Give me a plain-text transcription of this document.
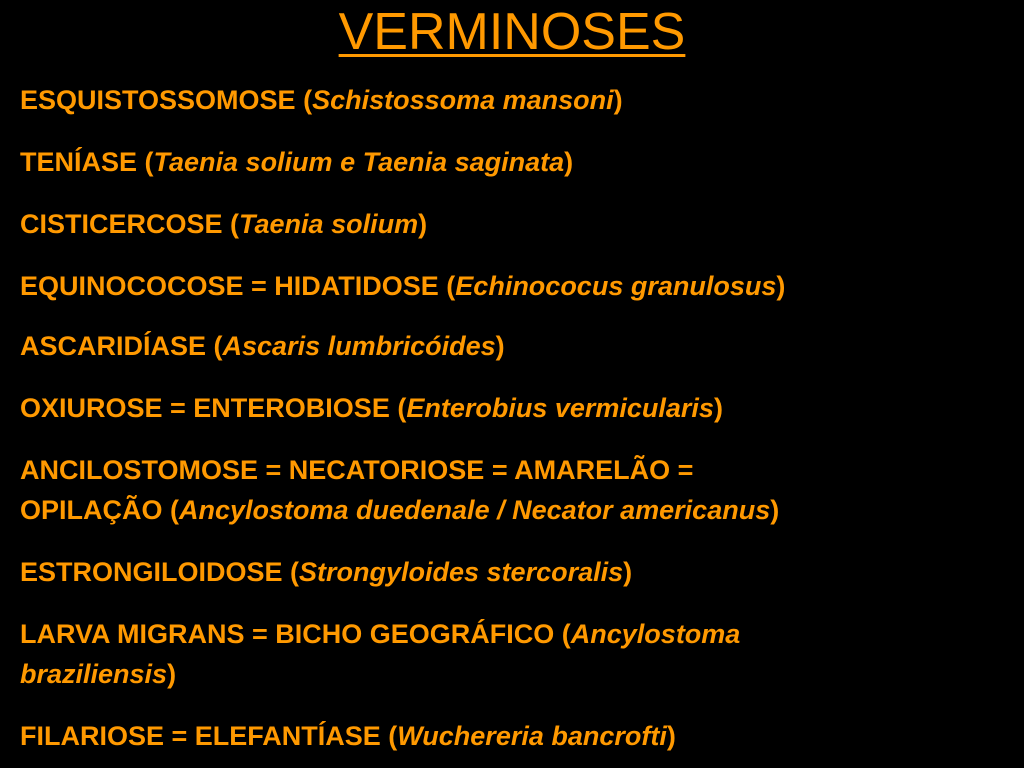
VERMINOSES

ESQUISTOSSOMOSE (Schistossoma mansoni)

TENÍASE (Taenia solium e Taenia saginata)

CISTICERCOSE (Taenia solium)

EQUINOCOCOSE = HIDATIDOSE (Echinococus granulosus)

ASCARIDÍASE (Ascaris lumbricóides)

OXIUROSE = ENTEROBIOSE (Enterobius vermicularis)

ANCILOSTOMOSE = NECATORIOSE = AMARELÃO =
OPILAÇÃO (Ancylostoma duedenale / Necator americanus)

ESTRONGILOIDOSE (Strongyloides stercoralis)

LARVA MIGRANS = BICHO GEOGRÁFICO (Ancylostoma
braziliensis)

FILARIOSE = ELEFANTÍASE (Wuchereria bancrofti)
